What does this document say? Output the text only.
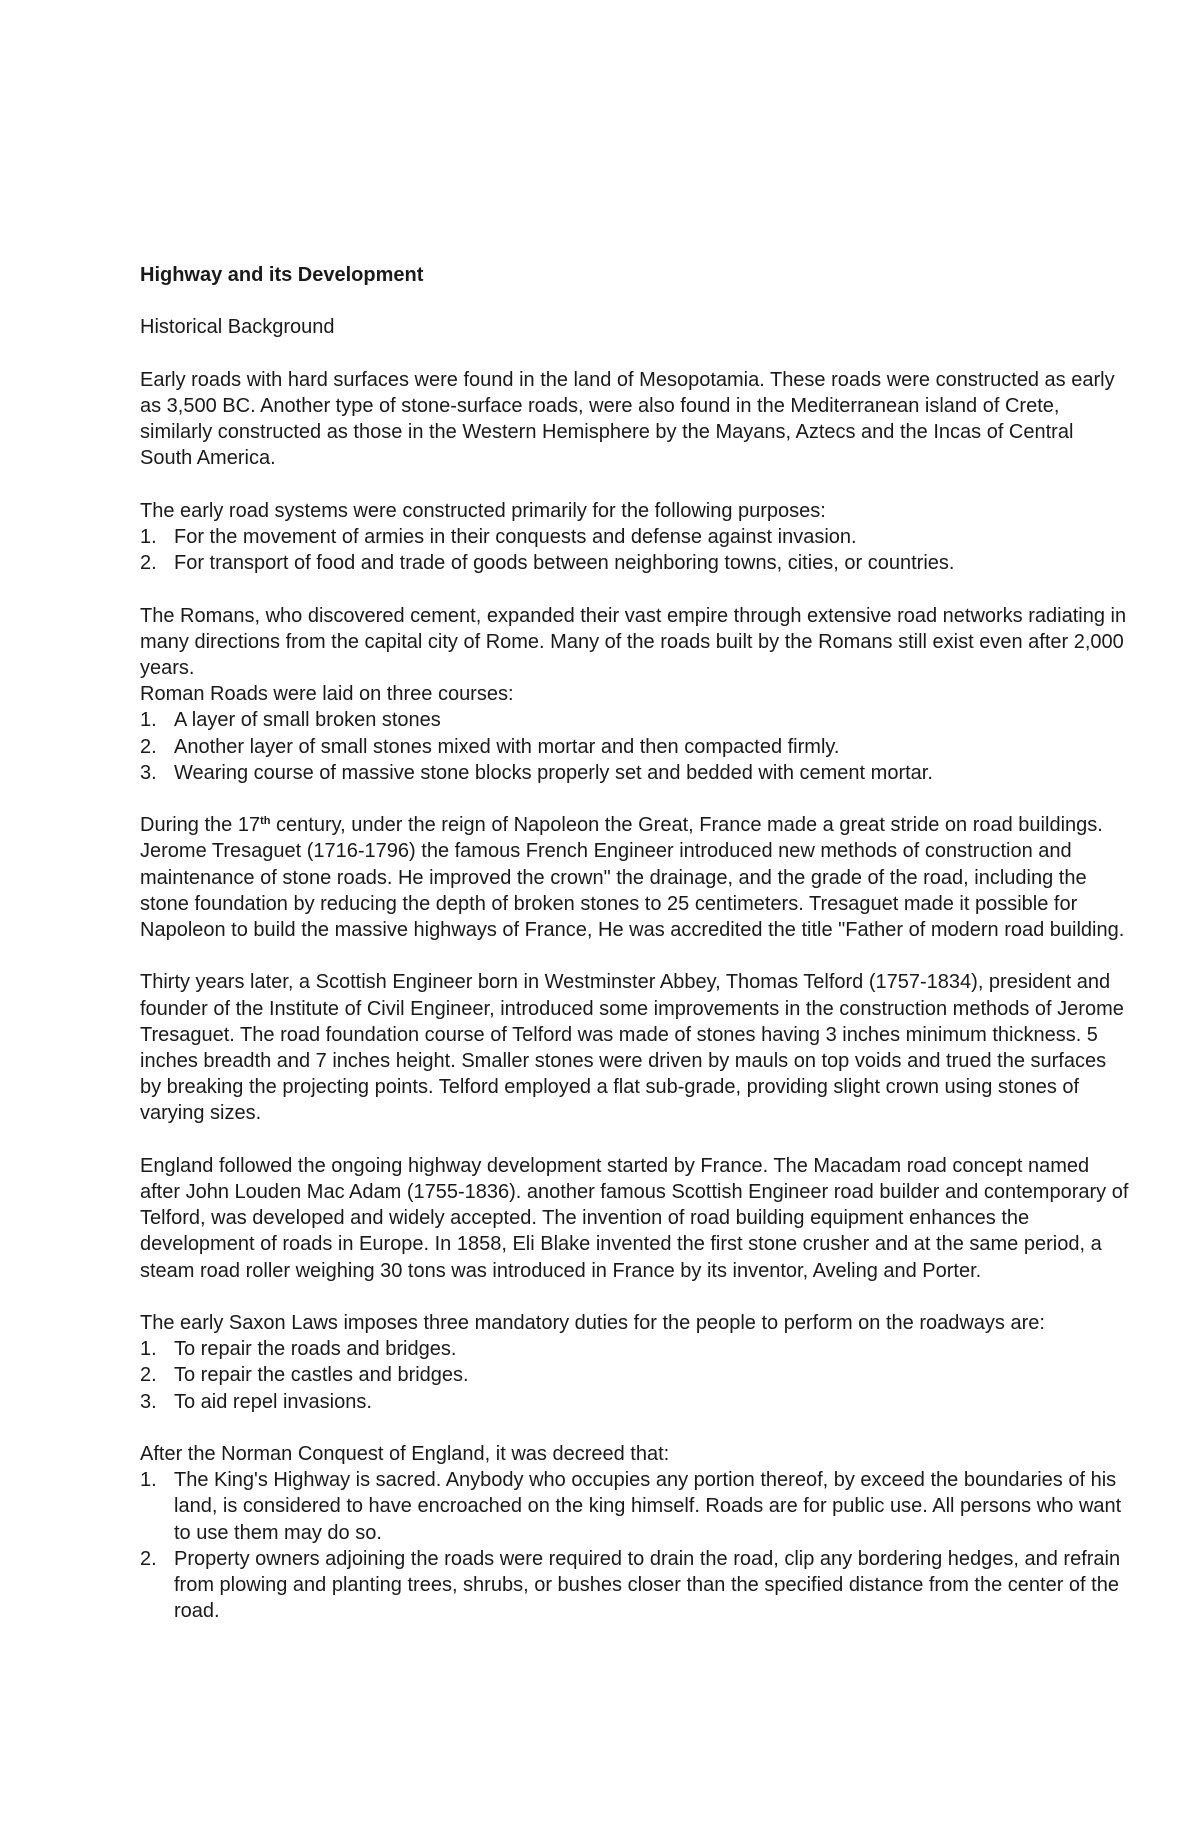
Highway and its Development

Historical Background

Early roads with hard surfaces were found in the land of Mesopotamia. These roads were constructed as early as 3,500 BC. Another type of stone-surface roads, were also found in the Mediterranean island of Crete, similarly constructed as those in the Western Hemisphere by the Mayans, Aztecs and the Incas of Central South America.

The early road systems were constructed primarily for the following purposes:

1. For the movement of armies in their conquests and defense against invasion.
2. For transport of food and trade of goods between neighboring towns, cities, or countries.

The Romans, who discovered cement, expanded their vast empire through extensive road networks radiating in many directions from the capital city of Rome. Many of the roads built by the Romans still exist even after 2,000 years.

Roman Roads were laid on three courses:

1. A layer of small broken stones
2. Another layer of small stones mixed with mortar and then compacted firmly.
3. Wearing course of massive stone blocks properly set and bedded with cement mortar.

During the 17th century, under the reign of Napoleon the Great, France made a great stride on road buildings. Jerome Tresaguet (1716-1796) the famous French Engineer introduced new methods of construction and maintenance of stone roads. He improved the crown" the drainage, and the grade of the road, including the stone foundation by reducing the depth of broken stones to 25 centimeters. Tresaguet made it possible for Napoleon to build the massive highways of France, He was accredited the title "Father of modern road building.

Thirty years later, a Scottish Engineer born in Westminster Abbey, Thomas Telford (1757-1834), president and founder of the Institute of Civil Engineer, introduced some improvements in the construction methods of Jerome Tresaguet. The road foundation course of Telford was made of stones having 3 inches minimum thickness. 5 inches breadth and 7 inches height. Smaller stones were driven by mauls on top voids and trued the surfaces by breaking the projecting points. Telford employed a flat sub-grade, providing slight crown using stones of varying sizes.

England followed the ongoing highway development started by France. The Macadam road concept named after John Louden Mac Adam (1755-1836). another famous Scottish Engineer road builder and contemporary of Telford, was developed and widely accepted. The invention of road building equipment enhances the development of roads in Europe. In 1858, Eli Blake invented the first stone crusher and at the same period, a steam road roller weighing 30 tons was introduced in France by its inventor, Aveling and Porter.

The early Saxon Laws imposes three mandatory duties for the people to perform on the roadways are:

1. To repair the roads and bridges.
2. To repair the castles and bridges.
3. To aid repel invasions.

After the Norman Conquest of England, it was decreed that:

1. The King's Highway is sacred. Anybody who occupies any portion thereof, by exceed the boundaries of his land, is considered to have encroached on the king himself. Roads are for public use. All persons who want to use them may do so.
2. Property owners adjoining the roads were required to drain the road, clip any bordering hedges, and refrain from plowing and planting trees, shrubs, or bushes closer than the specified distance from the center of the road.
